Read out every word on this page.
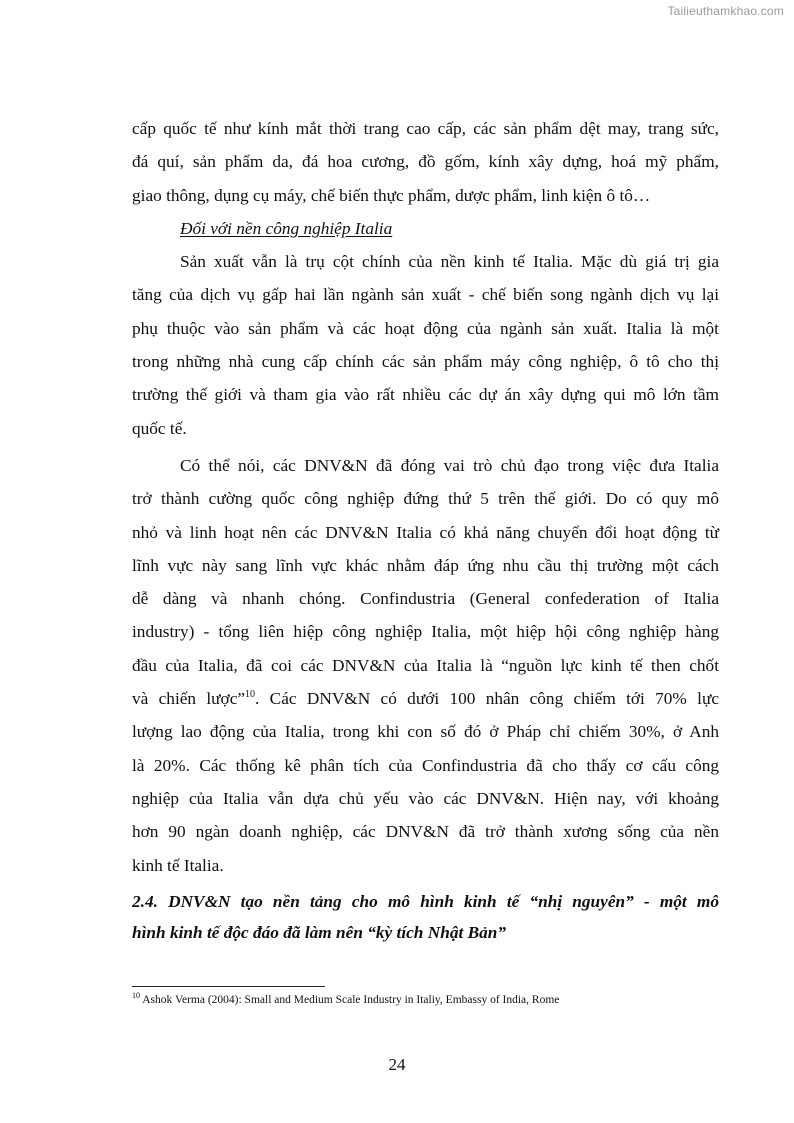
Tailieuthamkhao.com
cấp quốc tế như kính mắt thời trang cao cấp, các sản phẩm dệt may, trang sức,
đá quí, sản phẩm da, đá hoa cương, đồ gốm, kính xây dựng, hoá mỹ phẩm,
giao thông, dụng cụ máy, chế biến thực phẩm, dược phẩm, linh kiện ô tô…
Đối với nền công nghiệp Italia
Sản xuất vẫn là trụ cột chính của nền kinh tế Italia. Mặc dù giá trị gia
tăng của dịch vụ gấp hai lần ngành sản xuất - chế biến song ngành dịch vụ lại
phụ thuộc vào sản phẩm và các hoạt động của ngành sản xuất. Italia là một
trong những nhà cung cấp chính các sản phẩm máy công nghiệp, ô tô cho thị
trường thế giới và tham gia vào rất nhiều các dự án xây dựng qui mô lớn tầm
quốc tế.
Có thể nói, các DNV&N đã đóng vai trò chủ đạo trong việc đưa Italia
trở thành cường quốc công nghiệp đứng thứ 5 trên thế giới. Do có quy mô
nhỏ và linh hoạt nên các DNV&N Italia có khả năng chuyển đổi hoạt động từ
lĩnh vực này sang lĩnh vực khác nhằm đáp ứng nhu cầu thị trường một cách
dễ dàng và nhanh chóng. Confindustria (General confederation of Italia
industry) - tổng liên hiệp công nghiệp Italia, một hiệp hội công nghiệp hàng
đầu của Italia, đã coi các DNV&N của Italia là “nguồn lực kinh tế then chốt
và chiến lược”$^{10}$. Các DNV&N có dưới 100 nhân công chiếm tới 70% lực
lượng lao động của Italia, trong khi con số đó ở Pháp chỉ chiếm 30%, ở Anh
là 20%. Các thống kê phân tích của Confindustria đã cho thấy cơ cấu công
nghiệp của Italia vẫn dựa chủ yếu vào các DNV&N. Hiện nay, với khoảng
hơn 90 ngàn doanh nghiệp, các DNV&N đã trở thành xương sống của nền
kinh tế Italia.
2.4. DNV&N tạo nền tảng cho mô hình kinh tế “nhị nguyên” - một mô
hình kinh tế độc đáo đã làm nên “kỳ tích Nhật Bản”
$^{10}$ Ashok Verma (2004): Small and Medium Scale Industry in Italiy, Embassy of India, Rome
24
